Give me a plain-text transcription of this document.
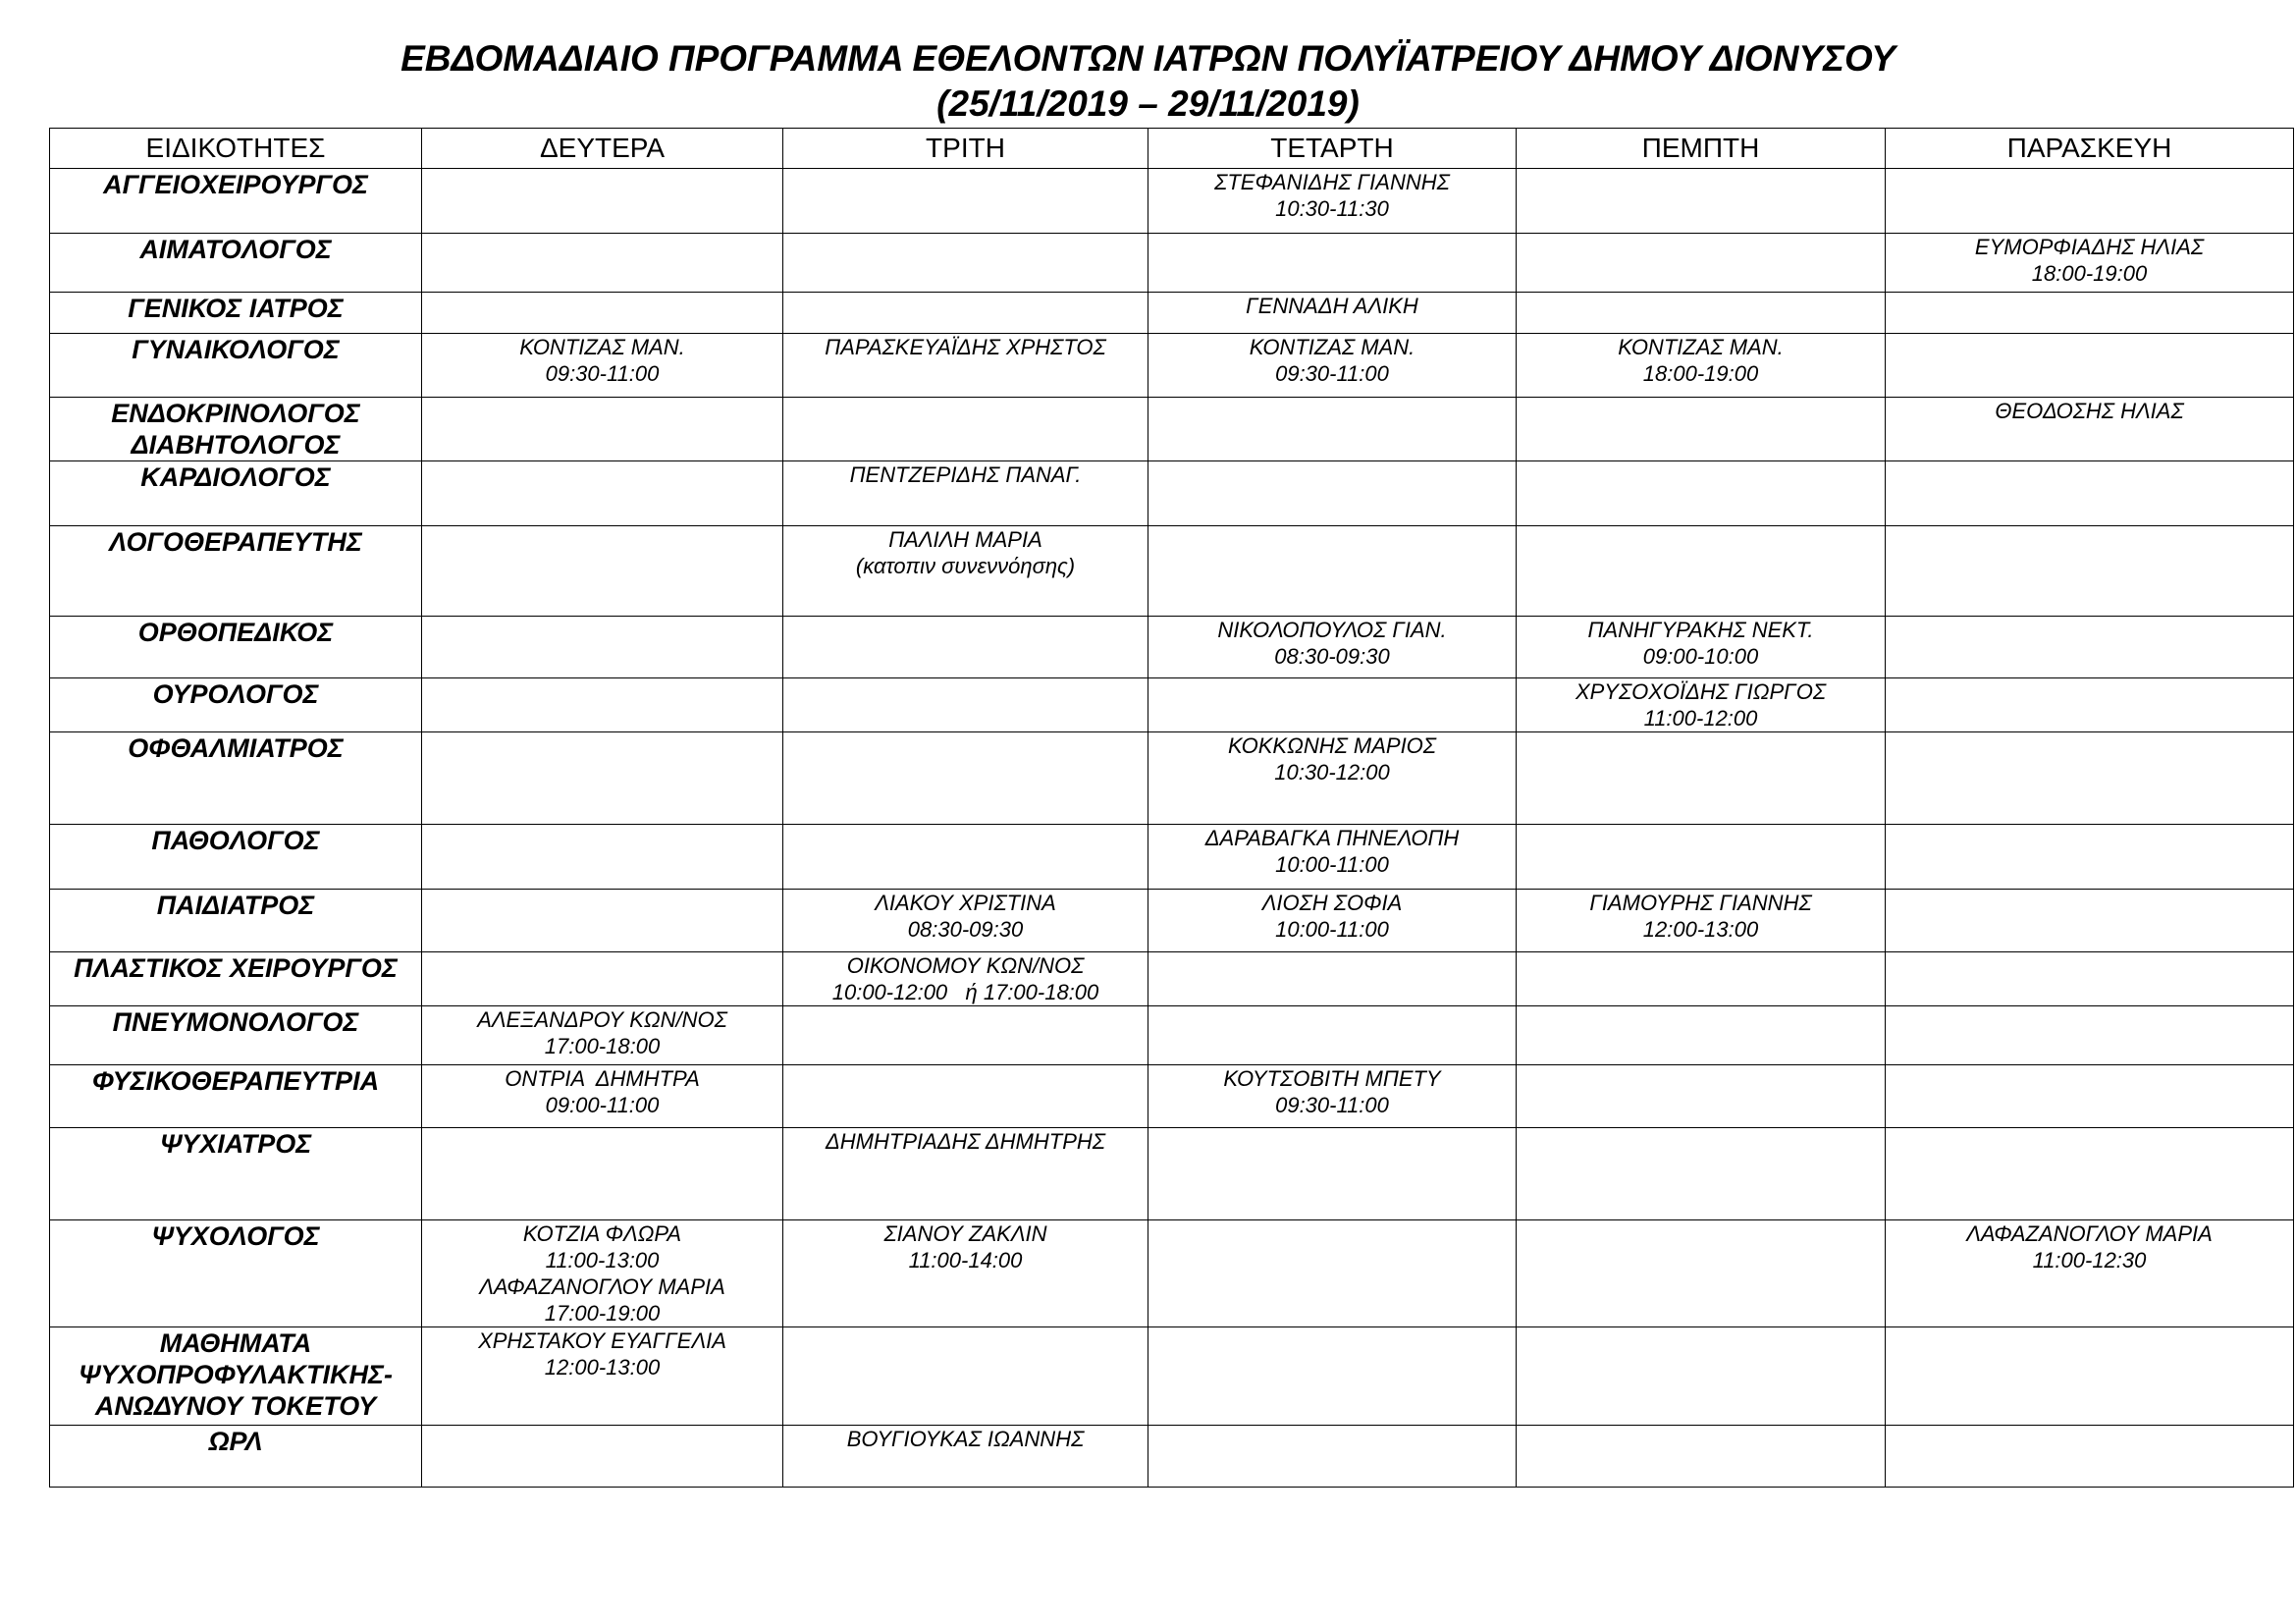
ΕΒΔΟΜΑΔΙΑΙΟ ΠΡΟΓΡΑΜΜΑ ΕΘΕΛΟΝΤΩΝ ΙΑΤΡΩΝ ΠΟΛΥΪΑΤΡΕΙΟΥ ΔΗΜΟΥ ΔΙΟΝΥΣΟΥ
(25/11/2019 – 29/11/2019)
ΕΙΔΙΚΟΤΗΤΕΣ	ΔΕΥΤΕΡΑ	ΤΡΙΤΗ	ΤΕΤΑΡΤΗ	ΠΕΜΠΤΗ	ΠΑΡΑΣΚΕΥΗ

ΑΓΓΕΙΟΧΕΙΡΟΥΡΓΟΣ			ΣΤΕΦΑΝΙΔΗΣ ΓΙΑΝΝΗΣ
10:30-11:30		

ΑΙΜΑΤΟΛΟΓΟΣ					ΕΥΜΟΡΦΙΑΔΗΣ ΗΛΙΑΣ
18:00-19:00

ΓΕΝΙΚΟΣ ΙΑΤΡΟΣ			ΓΕΝΝΑΔΗ ΑΛΙΚΗ		

ΓΥΝΑΙΚΟΛΟΓΟΣ	ΚΟΝΤΙΖΑΣ ΜΑΝ.
09:30-11:00	ΠΑΡΑΣΚΕΥΑΪΔΗΣ ΧΡΗΣΤΟΣ	ΚΟΝΤΙΖΑΣ ΜΑΝ.
09:30-11:00	ΚΟΝΤΙΖΑΣ ΜΑΝ.
18:00-19:00	

ΕΝΔΟΚΡΙΝΟΛΟΓΟΣ
ΔΙΑΒΗΤΟΛΟΓΟΣ					ΘΕΟΔΟΣΗΣ ΗΛΙΑΣ

ΚΑΡΔΙΟΛΟΓΟΣ		ΠΕΝΤΖΕΡΙΔΗΣ ΠΑΝΑΓ.			

ΛΟΓΟΘΕΡΑΠΕΥΤΗΣ		ΠΑΛΙΛΗ ΜΑΡΙΑ
(κατοπιν συνεννόησης)			

ΟΡΘΟΠΕΔΙΚΟΣ			ΝΙΚΟΛΟΠΟΥΛΟΣ ΓΙΑΝ.
08:30-09:30	ΠΑΝΗΓΥΡΑΚΗΣ ΝΕΚΤ.
09:00-10:00	

ΟΥΡΟΛΟΓΟΣ				ΧΡΥΣΟΧΟΪΔΗΣ ΓΙΩΡΓΟΣ
11:00-12:00	

ΟΦΘΑΛΜΙΑΤΡΟΣ			ΚΟΚΚΩΝΗΣ ΜΑΡΙΟΣ
10:30-12:00		

ΠΑΘΟΛΟΓΟΣ			ΔΑΡΑΒΑΓΚΑ ΠΗΝΕΛΟΠΗ
10:00-11:00		

ΠΑΙΔΙΑΤΡΟΣ		ΛΙΑΚΟΥ ΧΡΙΣΤΙΝΑ
08:30-09:30	ΛΙΟΣΗ ΣΟΦΙΑ
10:00-11:00	ΓΙΑΜΟΥΡΗΣ ΓΙΑΝΝΗΣ
12:00-13:00	

ΠΛΑΣΤΙΚΟΣ ΧΕΙΡΟΥΡΓΟΣ		ΟΙΚΟΝΟΜΟΥ ΚΩΝ/ΝΟΣ
10:00-12:00   ή 17:00-18:00			

ΠΝΕΥΜΟΝΟΛΟΓΟΣ	ΑΛΕΞΑΝΔΡΟΥ ΚΩΝ/ΝΟΣ
17:00-18:00				

ΦΥΣΙΚΟΘΕΡΑΠΕΥΤΡΙΑ	ΟΝΤΡΙΑ  ΔΗΜΗΤΡΑ
09:00-11:00		ΚΟΥΤΣΟΒΙΤΗ ΜΠΕΤΥ
09:30-11:00		

ΨΥΧΙΑΤΡΟΣ		ΔΗΜΗΤΡΙΑΔΗΣ ΔΗΜΗΤΡΗΣ			

ΨΥΧΟΛΟΓΟΣ	ΚΟΤΖΙΑ ΦΛΩΡΑ
11:00-13:00
ΛΑΦΑΖΑΝΟΓΛΟΥ ΜΑΡΙΑ
17:00-19:00	ΣΙΑΝΟΥ ΖΑΚΛΙΝ
11:00-14:00			ΛΑΦΑΖΑΝΟΓΛΟΥ ΜΑΡΙΑ
11:00-12:30

ΜΑΘΗΜΑΤΑ
ΨΥΧΟΠΡΟΦΥΛΑΚΤΙΚΗΣ-
ΑΝΩΔΥΝΟΥ ΤΟΚΕΤΟΥ	ΧΡΗΣΤΑΚΟΥ ΕΥΑΓΓΕΛΙΑ
12:00-13:00				

ΩΡΛ		ΒΟΥΓΙΟΥΚΑΣ ΙΩΑΝΝΗΣ			
